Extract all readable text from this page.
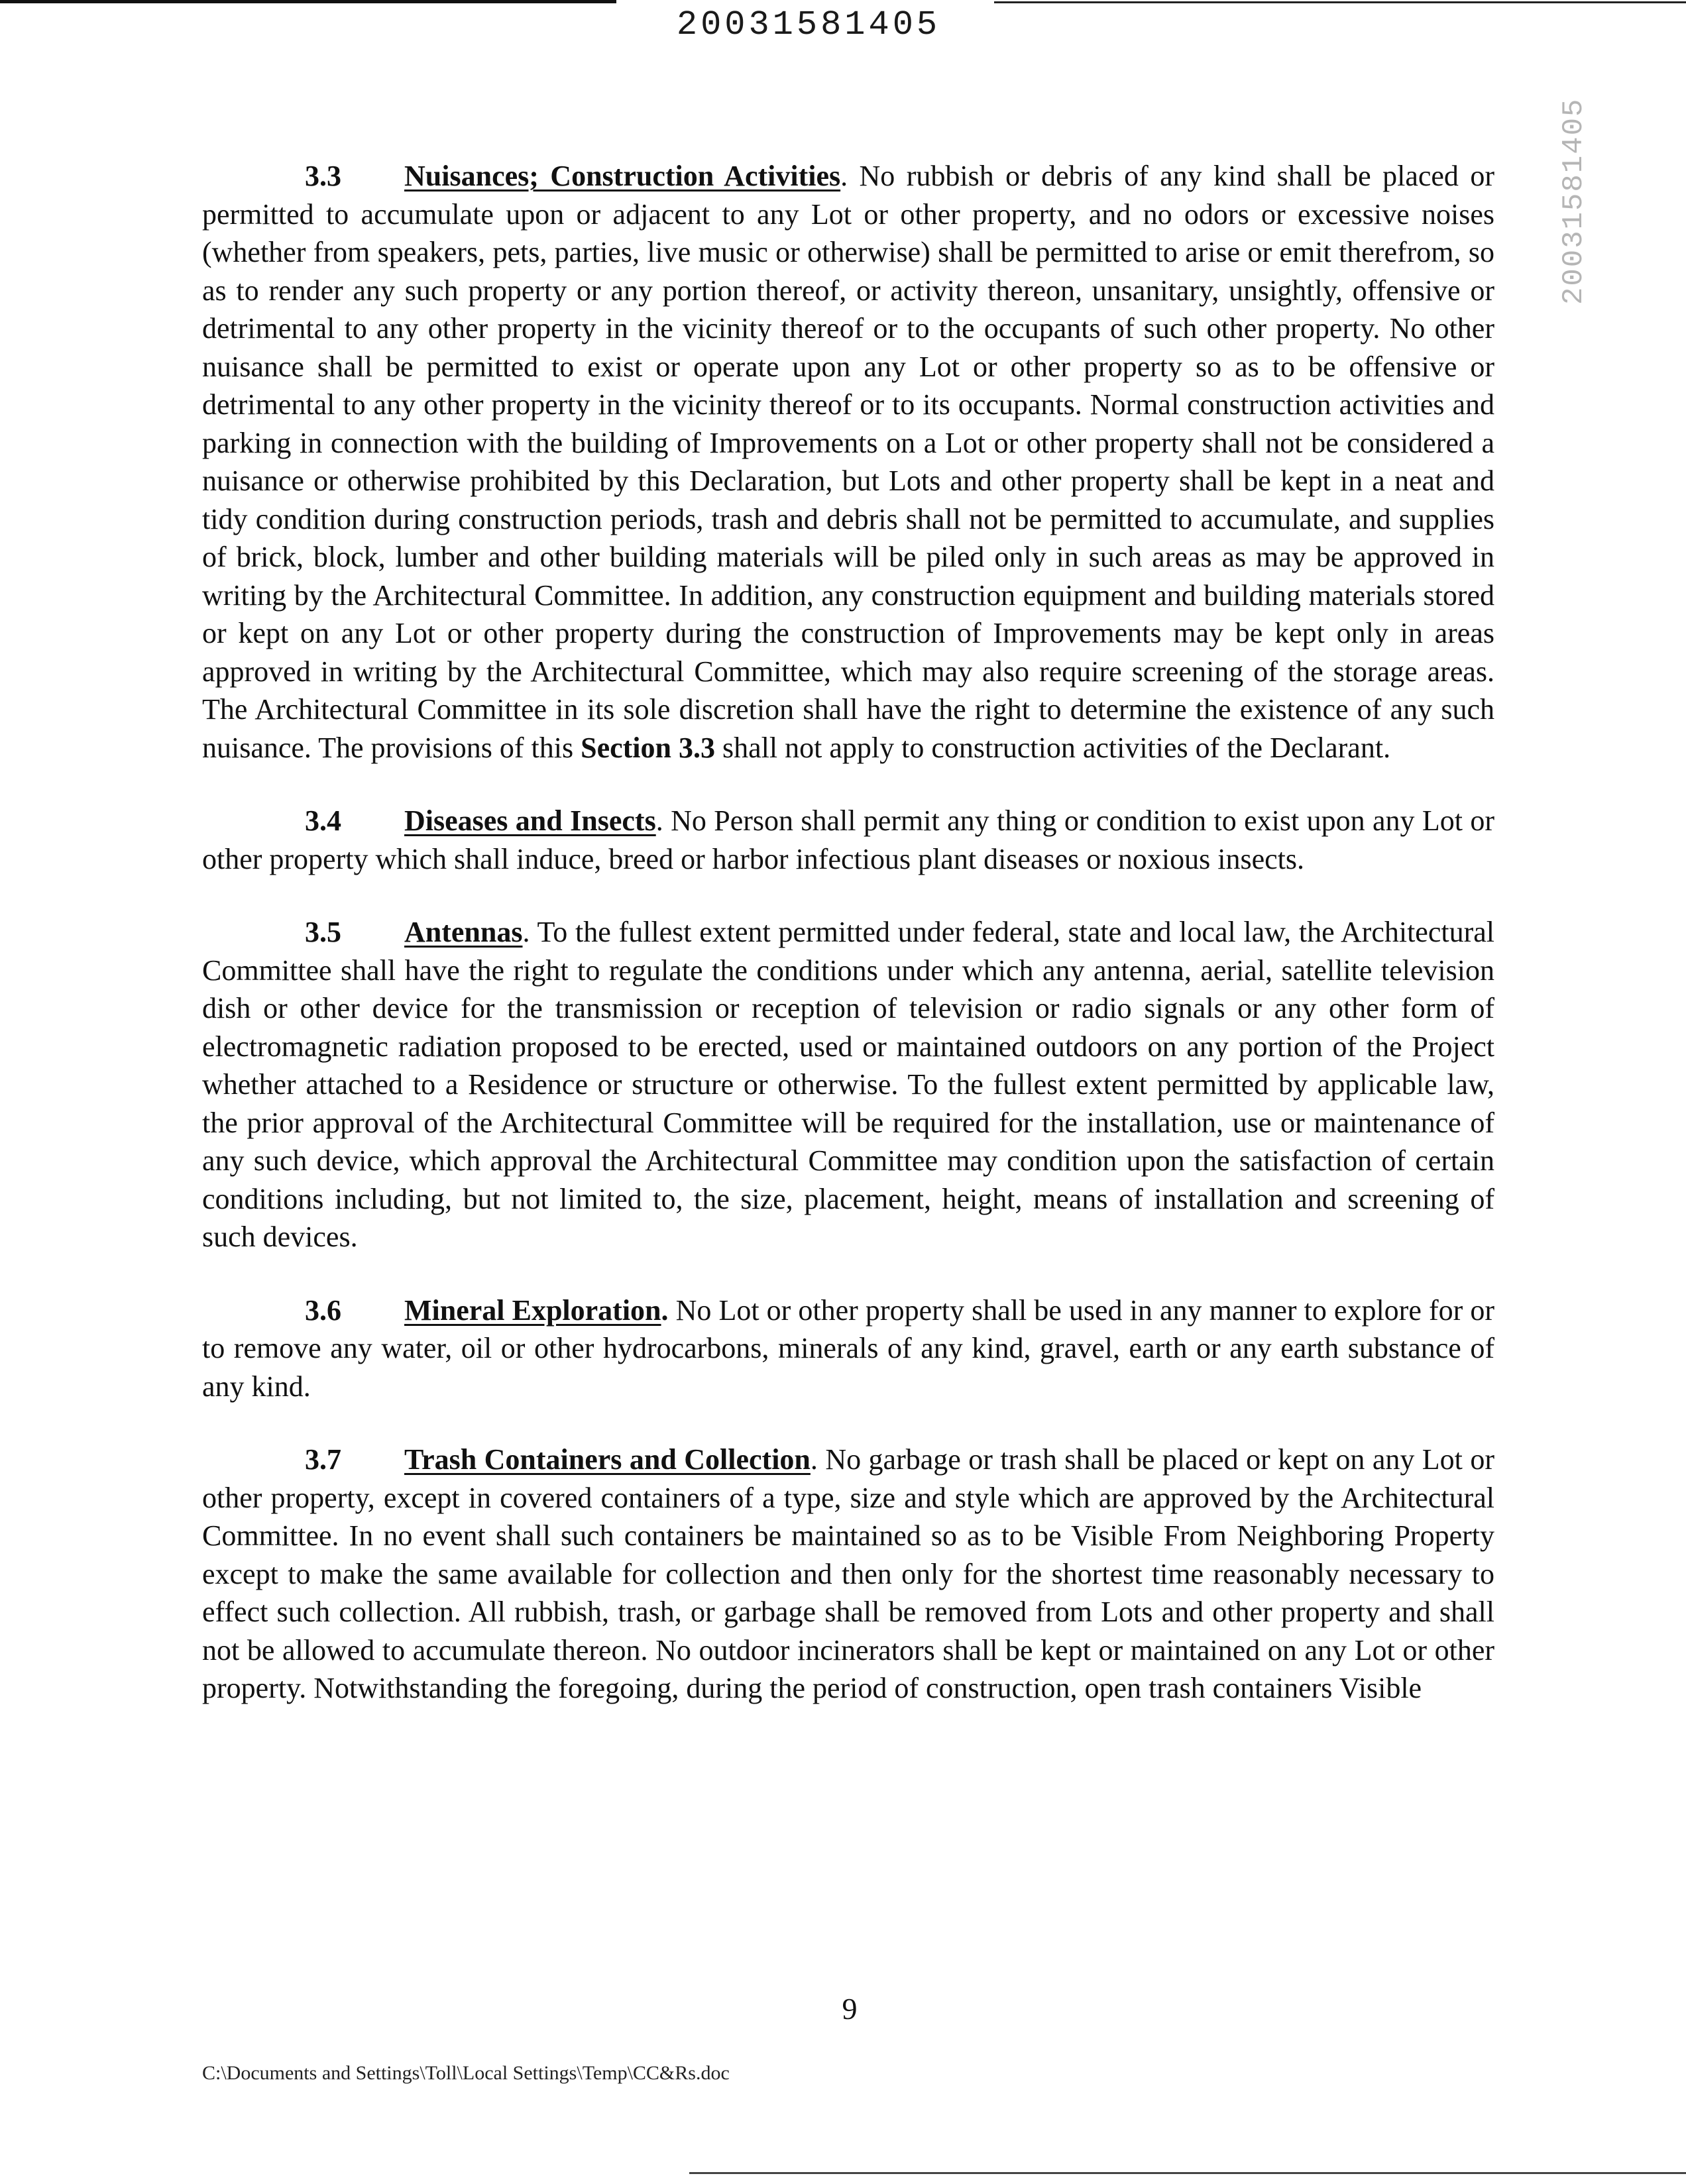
20031581405
20031581405

3.3 Nuisances; Construction Activities. No rubbish or debris of any kind shall be placed or permitted to accumulate upon or adjacent to any Lot or other property, and no odors or excessive noises (whether from speakers, pets, parties, live music or otherwise) shall be permitted to arise or emit therefrom, so as to render any such property or any portion thereof, or activity thereon, unsanitary, unsightly, offensive or detrimental to any other property in the vicinity thereof or to the occupants of such other property. No other nuisance shall be permitted to exist or operate upon any Lot or other property so as to be offensive or detrimental to any other property in the vicinity thereof or to its occupants. Normal construction activities and parking in connection with the building of Improvements on a Lot or other property shall not be considered a nuisance or otherwise prohibited by this Declaration, but Lots and other property shall be kept in a neat and tidy condition during construction periods, trash and debris shall not be permitted to accumulate, and supplies of brick, block, lumber and other building materials will be piled only in such areas as may be approved in writing by the Architectural Committee. In addition, any construction equipment and building materials stored or kept on any Lot or other property during the construction of Improvements may be kept only in areas approved in writing by the Architectural Committee, which may also require screening of the storage areas. The Architectural Committee in its sole discretion shall have the right to determine the existence of any such nuisance. The provisions of this Section 3.3 shall not apply to construction activities of the Declarant.

3.4 Diseases and Insects. No Person shall permit any thing or condition to exist upon any Lot or other property which shall induce, breed or harbor infectious plant diseases or noxious insects.

3.5 Antennas. To the fullest extent permitted under federal, state and local law, the Architectural Committee shall have the right to regulate the conditions under which any antenna, aerial, satellite television dish or other device for the transmission or reception of television or radio signals or any other form of electromagnetic radiation proposed to be erected, used or maintained outdoors on any portion of the Project whether attached to a Residence or structure or otherwise. To the fullest extent permitted by applicable law, the prior approval of the Architectural Committee will be required for the installation, use or maintenance of any such device, which approval the Architectural Committee may condition upon the satisfaction of certain conditions including, but not limited to, the size, placement, height, means of installation and screening of such devices.

3.6 Mineral Exploration. No Lot or other property shall be used in any manner to explore for or to remove any water, oil or other hydrocarbons, minerals of any kind, gravel, earth or any earth substance of any kind.

3.7 Trash Containers and Collection. No garbage or trash shall be placed or kept on any Lot or other property, except in covered containers of a type, size and style which are approved by the Architectural Committee. In no event shall such containers be maintained so as to be Visible From Neighboring Property except to make the same available for collection and then only for the shortest time reasonably necessary to effect such collection. All rubbish, trash, or garbage shall be removed from Lots and other property and shall not be allowed to accumulate thereon. No outdoor incinerators shall be kept or maintained on any Lot or other property. Notwithstanding the foregoing, during the period of construction, open trash containers Visible

9
C:\Documents and Settings\Toll\Local Settings\Temp\CC&Rs.doc
